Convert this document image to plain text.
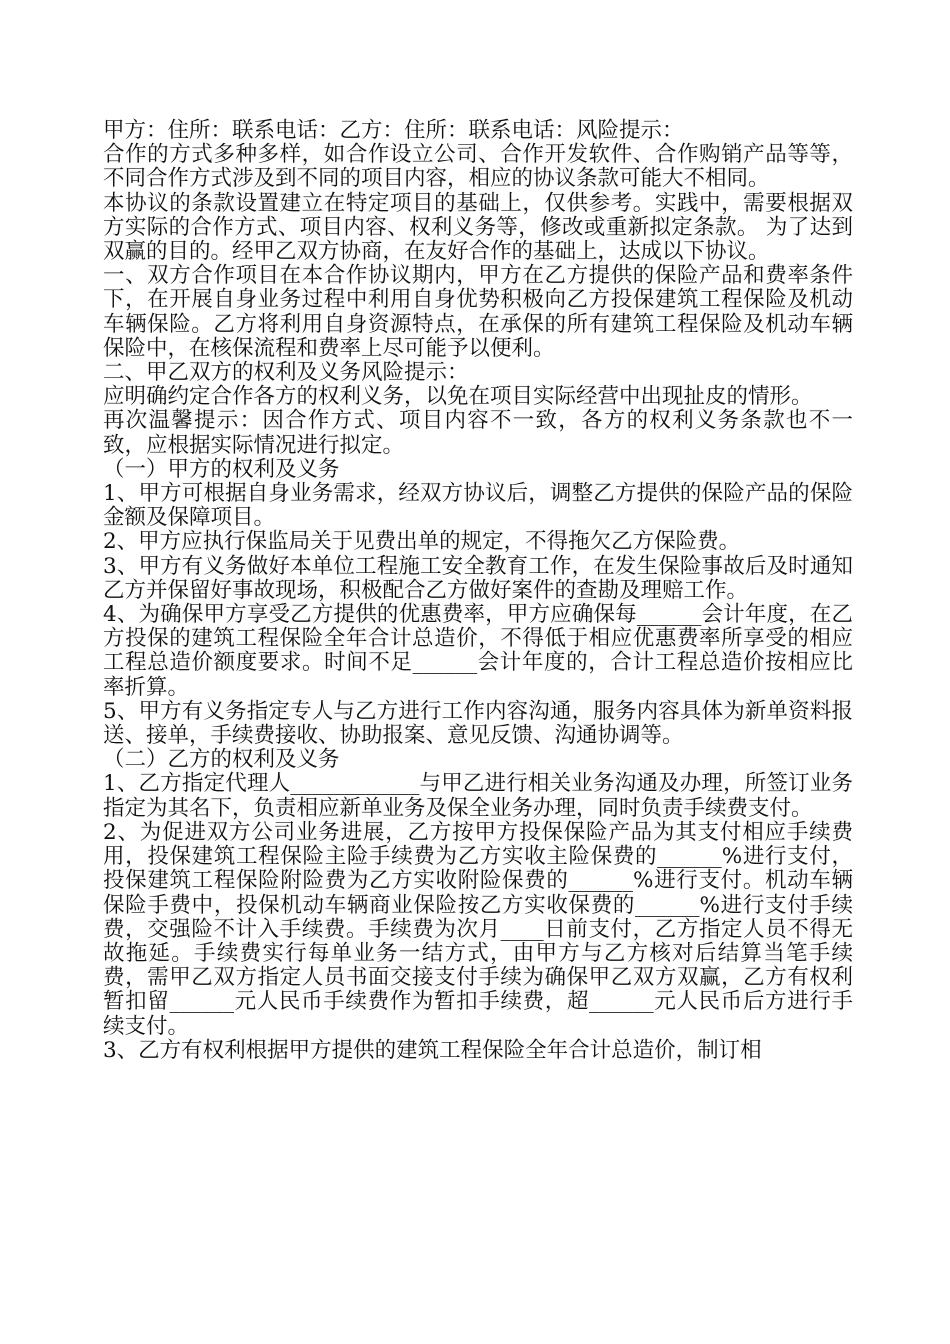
甲方：住所：联系电话：乙方：住所：联系电话：风险提示：

合作的方式多种多样，如合作设立公司、合作开发软件、合作购销产品等等，不同合作方式涉及到不同的项目内容，相应的协议条款可能大不相同。

本协议的条款设置建立在特定项目的基础上，仅供参考。实践中，需要根据双方实际的合作方式、项目内容、权利义务等，修改或重新拟定条款。 为了达到双赢的目的。经甲乙双方协商，在友好合作的基础上，达成以下协议。

一、双方合作项目在本合作协议期内，甲方在乙方提供的保险产品和费率条件下，在开展自身业务过程中利用自身优势积极向乙方投保建筑工程保险及机动车辆保险。乙方将利用自身资源特点，在承保的所有建筑工程保险及机动车辆保险中，在核保流程和费率上尽可能予以便利。

二、甲乙双方的权利及义务风险提示：

应明确约定合作各方的权利义务，以免在项目实际经营中出现扯皮的情形。

再次温馨提示：因合作方式、项目内容不一致，各方的权利义务条款也不一致，应根据实际情况进行拟定。

（一）甲方的权利及义务

1、甲方可根据自身业务需求，经双方协议后，调整乙方提供的保险产品的保险金额及保障项目。

2、甲方应执行保监局关于见费出单的规定，不得拖欠乙方保险费。

3、甲方有义务做好本单位工程施工安全教育工作，在发生保险事故后及时通知乙方并保留好事故现场，积极配合乙方做好案件的查勘及理赔工作。

4、为确保甲方享受乙方提供的优惠费率，甲方应确保每______会计年度，在乙方投保的建筑工程保险全年合计总造价，不得低于相应优惠费率所享受的相应工程总造价额度要求。时间不足______会计年度的，合计工程总造价按相应比率折算。

5、甲方有义务指定专人与乙方进行工作内容沟通，服务内容具体为新单资料报送、接单，手续费接收、协助报案、意见反馈、沟通协调等。

（二）乙方的权利及义务

1、乙方指定代理人____________与甲乙进行相关业务沟通及办理，所签订业务指定为其名下，负责相应新单业务及保全业务办理，同时负责手续费支付。

2、为促进双方公司业务进展，乙方按甲方投保保险产品为其支付相应手续费用，投保建筑工程保险主险手续费为乙方实收主险保费的______%进行支付，投保建筑工程保险附险费为乙方实收附险保费的______%进行支付。机动车辆保险手费中，投保机动车辆商业保险按乙方实收保费的______%进行支付手续费，交强险不计入手续费。手续费为次月____日前支付，乙方指定人员不得无故拖延。手续费实行每单业务一结方式，由甲方与乙方核对后结算当笔手续费，需甲乙双方指定人员书面交接支付手续为确保甲乙双方双赢，乙方有权利暂扣留______元人民币手续费作为暂扣手续费，超______元人民币后方进行手续支付。

3、乙方有权利根据甲方提供的建筑工程保险全年合计总造价，制订相
